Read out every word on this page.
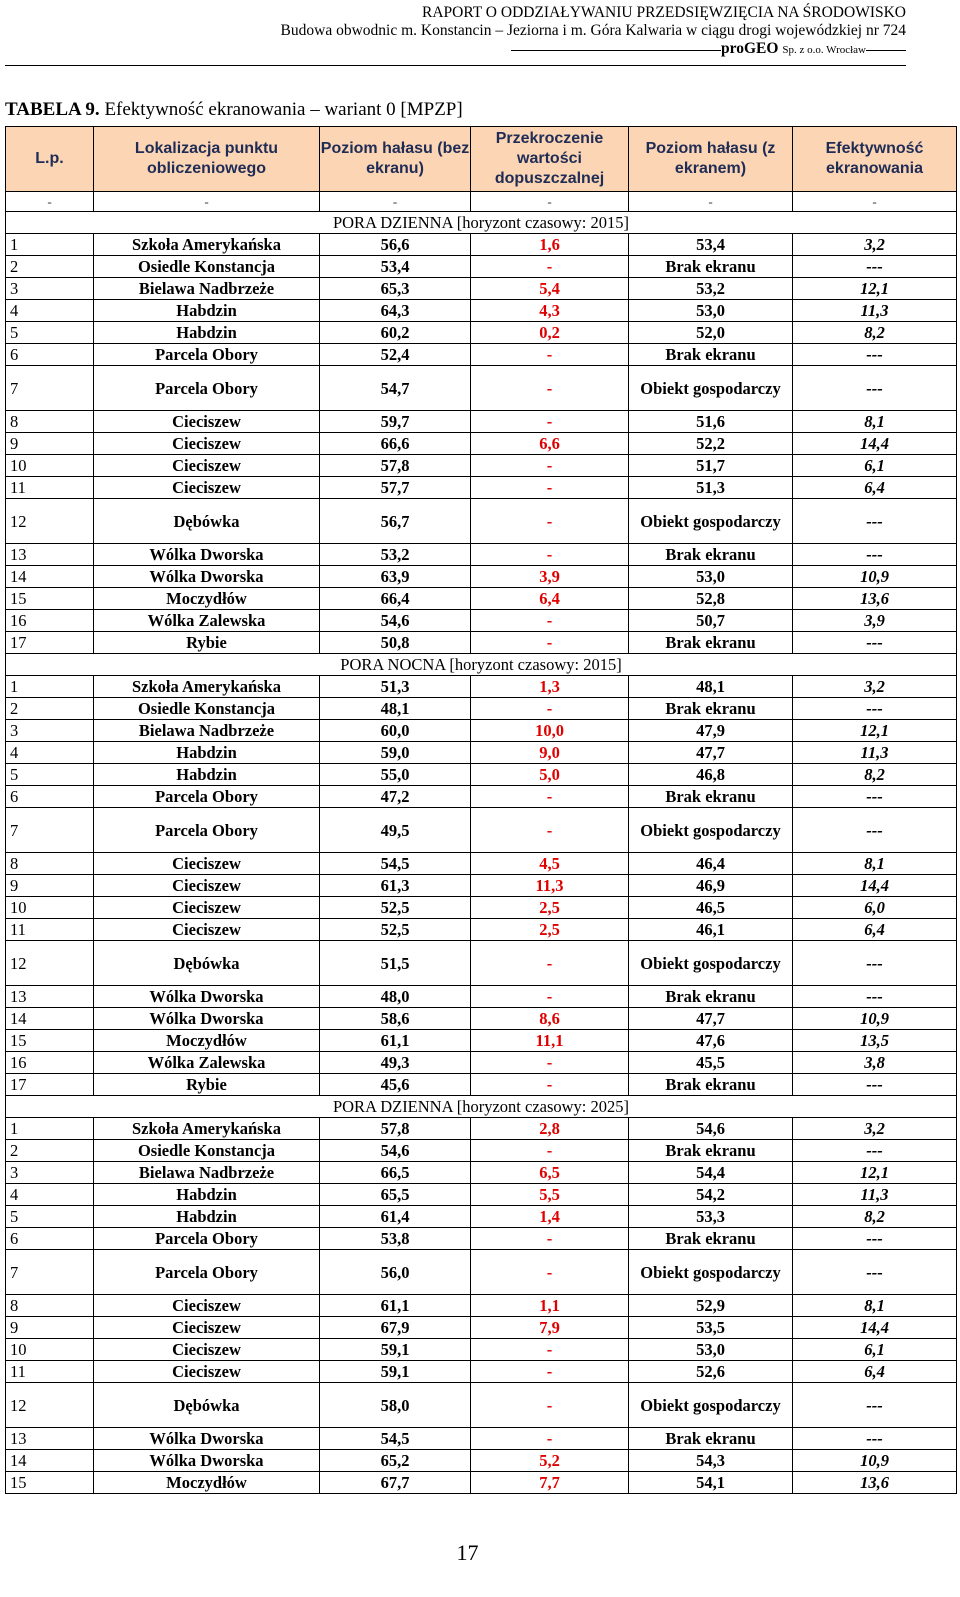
RAPORT O ODDZIAŁYWANIU PRZEDSIĘWZIĘCIA NA ŚRODOWISKO
Budowa obwodnic m. Konstancin – Jeziorna i m. Góra Kalwaria w ciągu drogi wojewódzkiej nr 724
proGEO Sp. z o.o. Wrocław
TABELA 9. Efektywność ekranowania – wariant 0 [MPZP]
L.p.	Lokalizacja punktu obliczeniowego	Poziom hałasu (bez ekranu)	Przekroczenie wartości dopuszczalnej	Poziom hałasu (z ekranem)	Efektywność ekranowania
-	-	-	-	-	-
PORA DZIENNA [horyzont czasowy: 2015]					
1	Szkoła Amerykańska	56,6	1,6	53,4	3,2
2	Osiedle Konstancja	53,4	-	Brak ekranu	---
3	Bielawa Nadbrzeże	65,3	5,4	53,2	12,1
4	Habdzin	64,3	4,3	53,0	11,3
5	Habdzin	60,2	0,2	52,0	8,2
6	Parcela Obory	52,4	-	Brak ekranu	---
7	Parcela Obory	54,7	-	Obiekt gospodarczy	---
8	Cieciszew	59,7	-	51,6	8,1
9	Cieciszew	66,6	6,6	52,2	14,4
10	Cieciszew	57,8	-	51,7	6,1
11	Cieciszew	57,7	-	51,3	6,4
12	Dębówka	56,7	-	Obiekt gospodarczy	---
13	Wólka Dworska	53,2	-	Brak ekranu	---
14	Wólka Dworska	63,9	3,9	53,0	10,9
15	Moczydłów	66,4	6,4	52,8	13,6
16	Wólka Zalewska	54,6	-	50,7	3,9
17	Rybie	50,8	-	Brak ekranu	---
PORA NOCNA [horyzont czasowy: 2015]					
1	Szkoła Amerykańska	51,3	1,3	48,1	3,2
2	Osiedle Konstancja	48,1	-	Brak ekranu	---
3	Bielawa Nadbrzeże	60,0	10,0	47,9	12,1
4	Habdzin	59,0	9,0	47,7	11,3
5	Habdzin	55,0	5,0	46,8	8,2
6	Parcela Obory	47,2	-	Brak ekranu	---
7	Parcela Obory	49,5	-	Obiekt gospodarczy	---
8	Cieciszew	54,5	4,5	46,4	8,1
9	Cieciszew	61,3	11,3	46,9	14,4
10	Cieciszew	52,5	2,5	46,5	6,0
11	Cieciszew	52,5	2,5	46,1	6,4
12	Dębówka	51,5	-	Obiekt gospodarczy	---
13	Wólka Dworska	48,0	-	Brak ekranu	---
14	Wólka Dworska	58,6	8,6	47,7	10,9
15	Moczydłów	61,1	11,1	47,6	13,5
16	Wólka Zalewska	49,3	-	45,5	3,8
17	Rybie	45,6	-	Brak ekranu	---
PORA DZIENNA [horyzont czasowy: 2025]					
1	Szkoła Amerykańska	57,8	2,8	54,6	3,2
2	Osiedle Konstancja	54,6	-	Brak ekranu	---
3	Bielawa Nadbrzeże	66,5	6,5	54,4	12,1
4	Habdzin	65,5	5,5	54,2	11,3
5	Habdzin	61,4	1,4	53,3	8,2
6	Parcela Obory	53,8	-	Brak ekranu	---
7	Parcela Obory	56,0	-	Obiekt gospodarczy	---
8	Cieciszew	61,1	1,1	52,9	8,1
9	Cieciszew	67,9	7,9	53,5	14,4
10	Cieciszew	59,1	-	53,0	6,1
11	Cieciszew	59,1	-	52,6	6,4
12	Dębówka	58,0	-	Obiekt gospodarczy	---
13	Wólka Dworska	54,5	-	Brak ekranu	---
14	Wólka Dworska	65,2	5,2	54,3	10,9
15	Moczydłów	67,7	7,7	54,1	13,6
17
